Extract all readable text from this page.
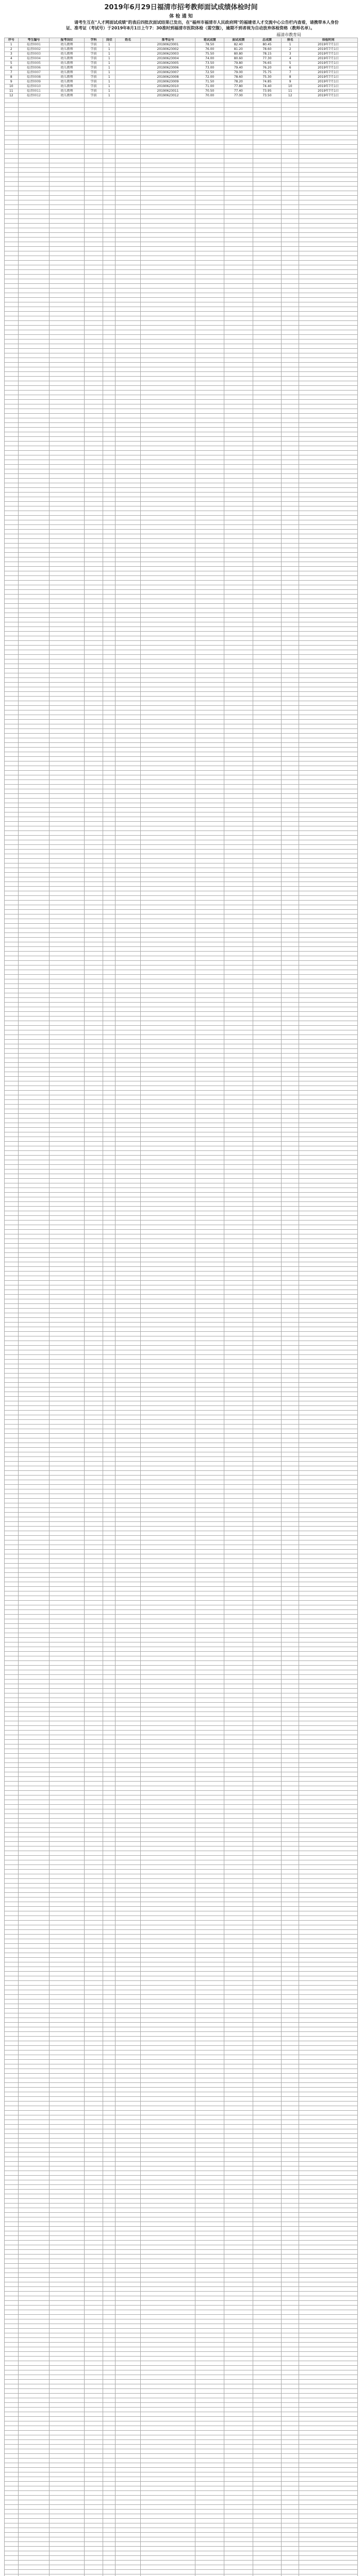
2019年6月29日福清市招考教师面试成绩体检时间
体 检 通 知

请考生互在"人才网面试成绩"的表后四批次面试结果已发出，在"福州市福清市人民政府网"的福建省人才交流中心公告栏内查看，请携带本人身份证、准考证（考试号）于2019年8月1日上午7：30准时到福清市医院体检（需空腹），逾期不到者视为自动放弃体检资格（教师名单）。

福清市教育局
序号	考生编号	报考岗位	学科	岗位	姓名	准考证号	笔试成绩	面试成绩	总成绩	排名	体检时间
1	福清0001	幼儿教师	学前	1		20190623001	78.50	82.40	80.45	1	2019年7月1日
2	福清0002	幼儿教师	学前	1		20190623002	76.00	81.20	78.60	2	2019年7月1日
3	福清0003	幼儿教师	学前	1		20190623003	75.50	80.80	78.15	3	2019年7月1日
4	福清0004	幼儿教师	学前	1		20190623004	74.00	80.60	77.30	4	2019年7月1日
5	福清0005	幼儿教师	学前	1		20190623005	73.50	79.80	76.65	5	2019年7月1日
6	福清0006	幼儿教师	学前	1		20190623006	73.00	79.40	76.20	6	2019年7月1日
7	福清0007	幼儿教师	学前	1		20190623007	72.50	79.00	75.75	7	2019年7月1日
8	福清0008	幼儿教师	学前	1		20190623008	72.00	78.60	75.30	8	2019年7月1日
9	福清0009	幼儿教师	学前	1		20190623009	71.50	78.20	74.85	9	2019年7月1日
10	福清0010	幼儿教师	学前	1		20190623010	71.00	77.80	74.40	10	2019年7月1日
11	福清0011	幼儿教师	学前	1		20190623011	70.50	77.40	73.95	11	2019年7月1日
12	福清0012	幼儿教师	学前	1		20190623012	70.00	77.00	73.50	12	2019年7月1日
